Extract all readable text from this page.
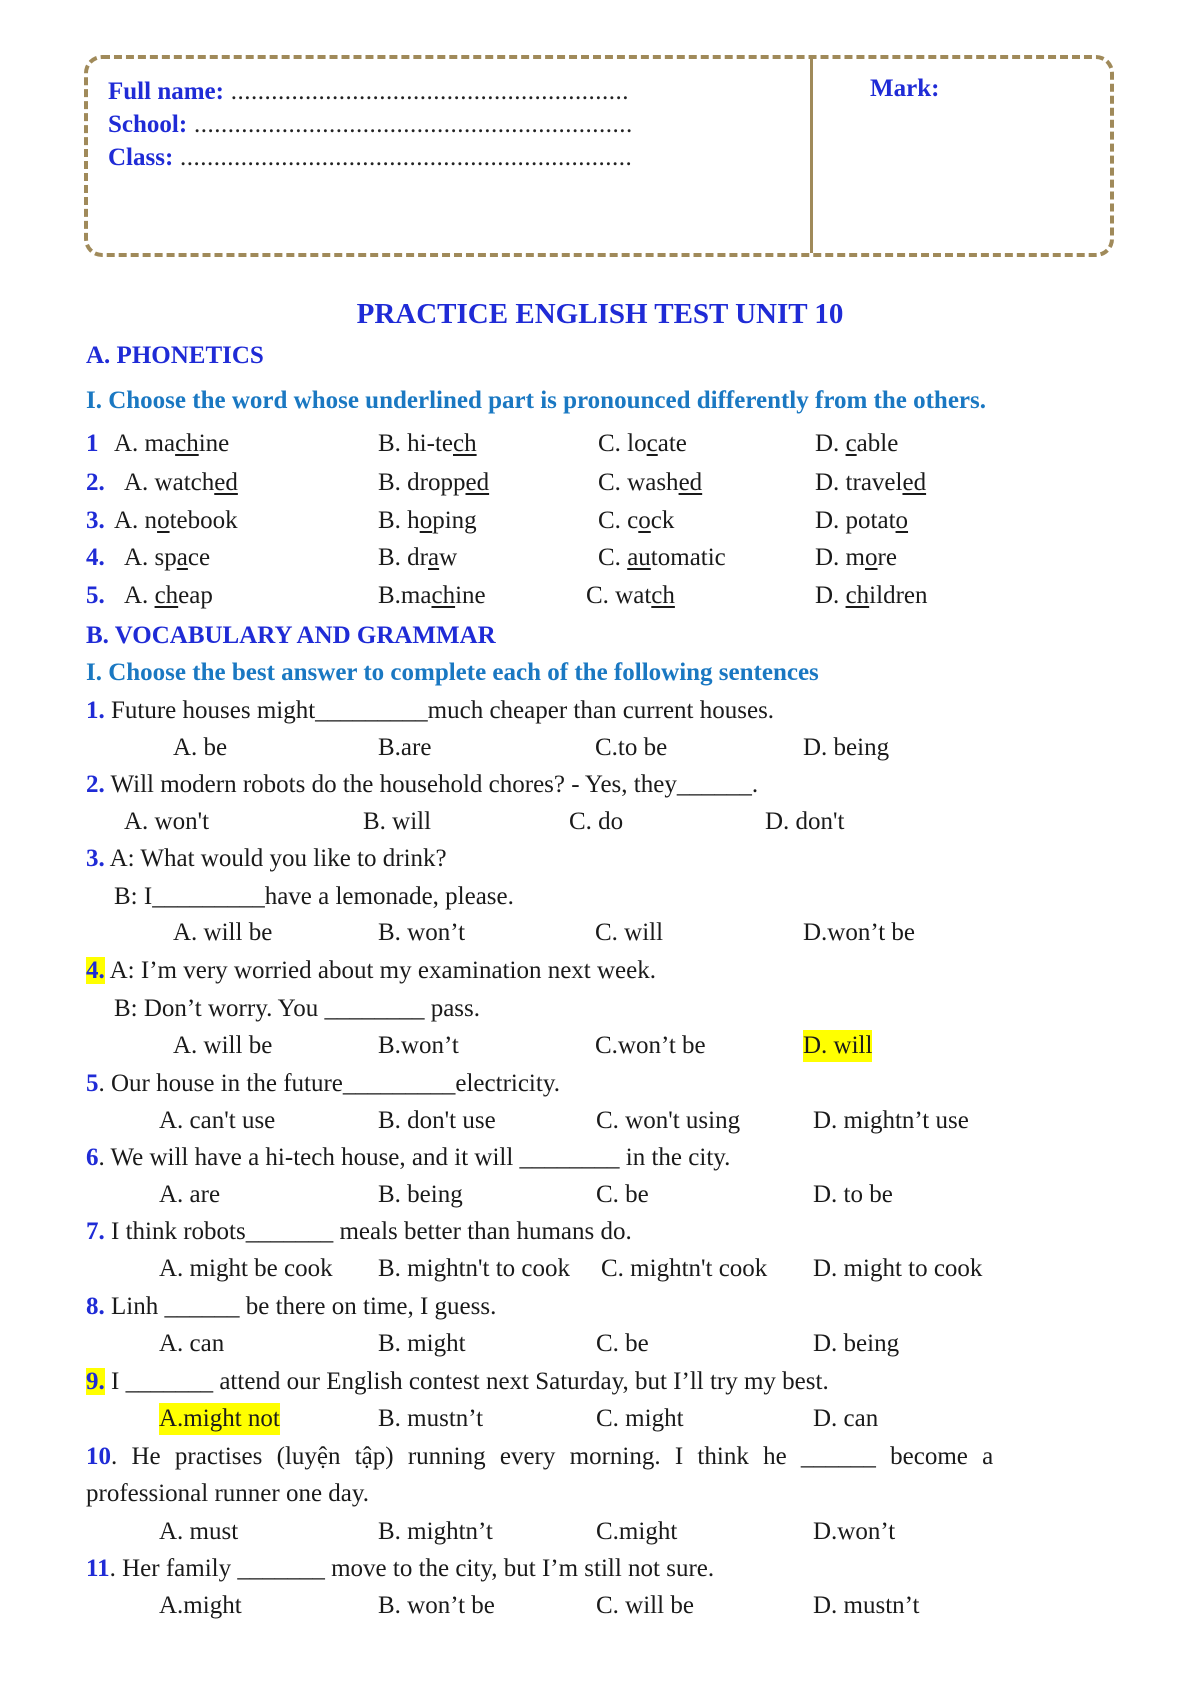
Full name: ...........................................................
School: .................................................................
Class: ...................................................................
Mark:
PRACTICE ENGLISH TEST UNIT 10
A. PHONETICS
I. Choose the word whose underlined part is pronounced differently from the others.
1 A. machine	B. hi-tech	C. locate	D. cable
2. A. watched	B. dropped	C. washed	D. traveled
3. A. notebook	B. hoping	C. cock	D. potato
4. A. space	B. draw	C. automatic	D. more
5. A. cheap	B.machine	C. watch	D. children
B. VOCABULARY AND GRAMMAR
I. Choose the best answer to complete each of the following sentences
1. Future houses might_________much cheaper than current houses.
A. be	B.are	C.to be	D. being
2. Will modern robots do the household chores? - Yes, they______.
A. won't	B. will	C. do	D. don't
3. A: What would you like to drink?
B: I_________have a lemonade, please.
A. will be	B. won’t	C. will	D.won’t be
4. A: I’m very worried about my examination next week.
B: Don’t worry. You ________ pass.
A. will be	B.won’t	C.won’t be	D. will
5. Our house in the future_________electricity.
A. can't use	B. don't use	C. won't using	D. mightn’t use
6. We will have a hi-tech house, and it will ________ in the city.
A. are	B. being	C. be	D. to be
7. I think robots_______ meals better than humans do.
A. might be cook B. mightn't to cook C. mightn't cook D. might to cook
8. Linh ______ be there on time, I guess.
A. can	B. might	C. be	D. being
9. I _______ attend our English contest next Saturday, but I’ll try my best.
A.might not	B. mustn’t	C. might	D. can
10. He practises (luyện tập) running every morning. I think he ______ become a
professional runner one day.
A. must	B. mightn’t	C.might	D.won’t
11. Her family _______ move to the city, but I’m still not sure.
A.might	B. won’t be	C. will be	D. mustn’t
